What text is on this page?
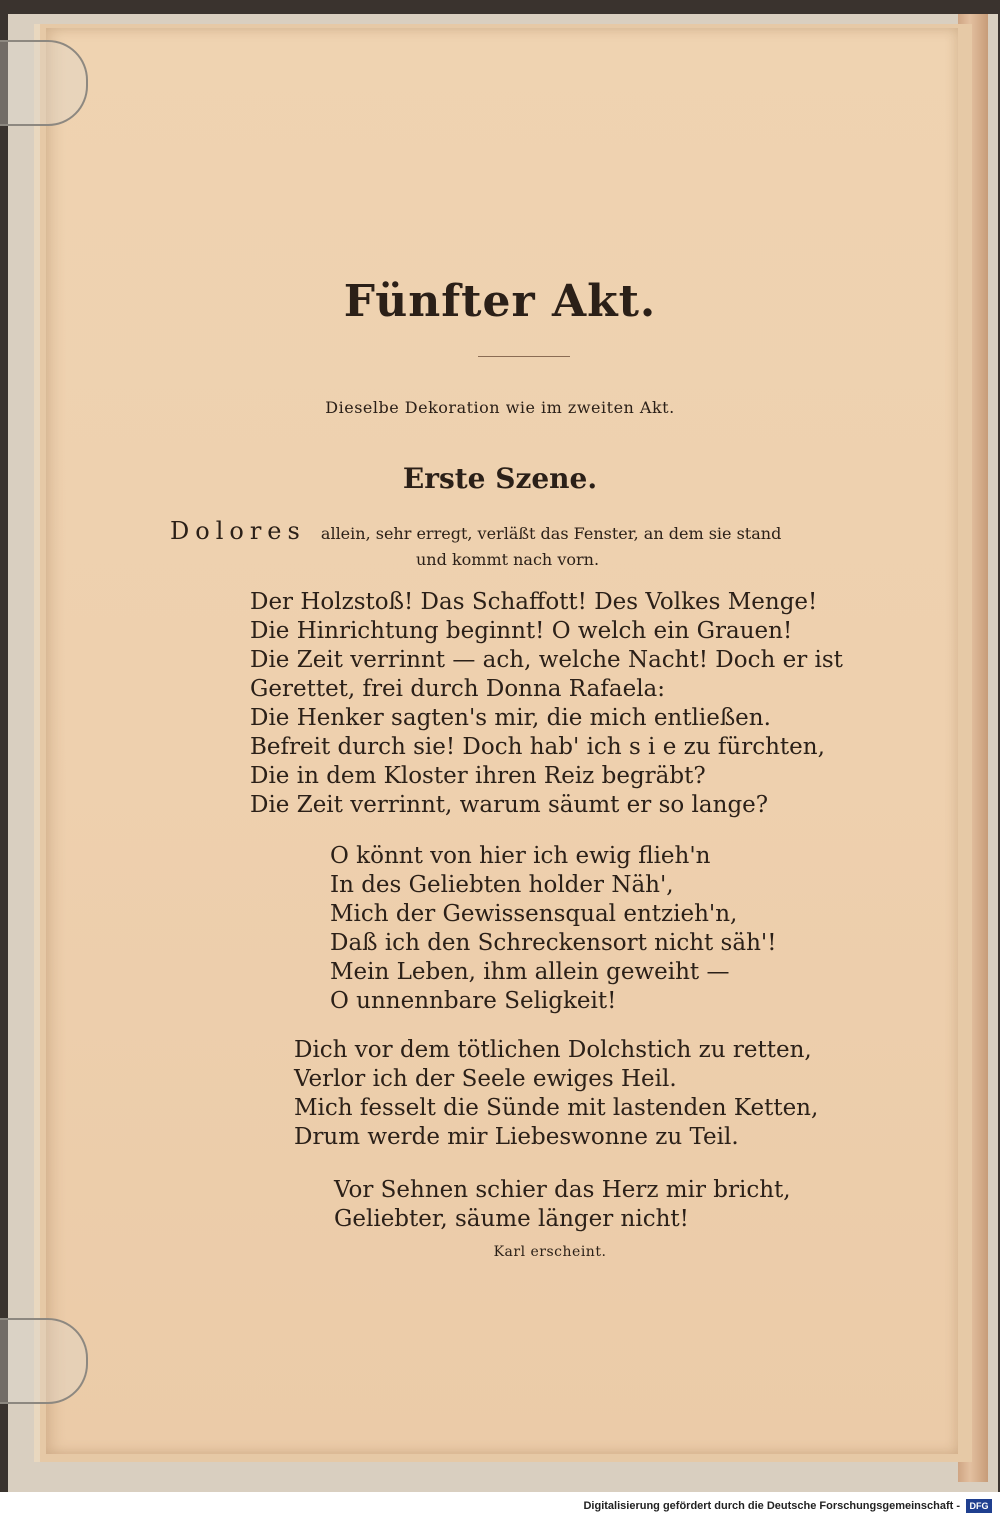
Fünfter Akt.
Dieselbe Dekoration wie im zweiten Akt.
Erste Szene.
Dolores allein, sehr erregt, verläßt das Fenster, an dem sie stand
und kommt nach vorn.
Der Holzstoß! Das Schaffott! Des Volkes Menge!
Die Hinrichtung beginnt! O welch ein Grauen!
Die Zeit verrinnt — ach, welche Nacht! Doch er ist
Gerettet, frei durch Donna Rafaela:
Die Henker sagten's mir, die mich entließen.
Befreit durch sie! Doch hab' ich s i e zu fürchten,
Die in dem Kloster ihren Reiz begräbt?
Die Zeit verrinnt, warum säumt er so lange?
O könnt von hier ich ewig flieh'n
In des Geliebten holder Näh',
Mich der Gewissensqual entzieh'n,
Daß ich den Schreckensort nicht säh'!
Mein Leben, ihm allein geweiht —
O unnennbare Seligkeit!
Dich vor dem tötlichen Dolchstich zu retten,
Verlor ich der Seele ewiges Heil.
Mich fesselt die Sünde mit lastenden Ketten,
Drum werde mir Liebeswonne zu Teil.
Vor Sehnen schier das Herz mir bricht,
Geliebter, säume länger nicht!
Karl erscheint.
Digitalisierung gefördert durch die Deutsche Forschungsgemeinschaft -	DFG
